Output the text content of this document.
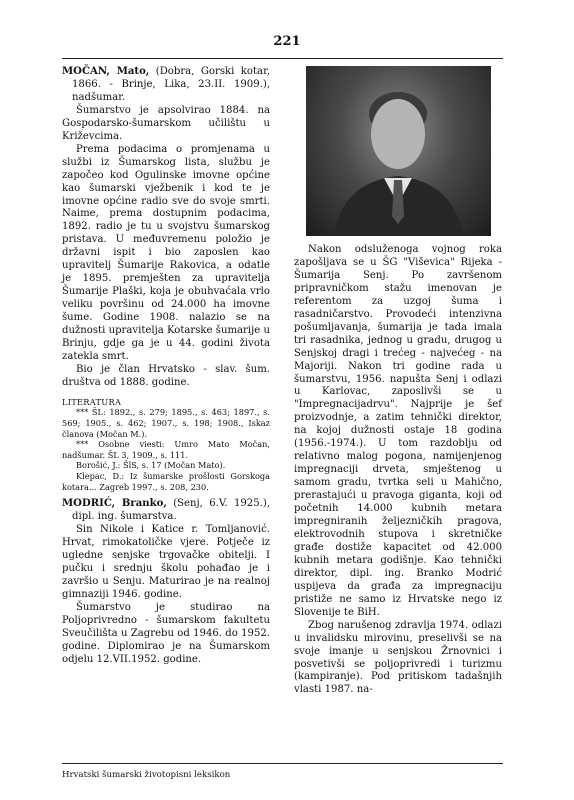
221

MOČAN, Mato, (Dobra, Gorski kotar, 1866. - Brinje, Lika, 23.II. 1909.), nadšumar.

Šumarstvo je apsolvirao 1884. na Gospodarsko-šumarskom učilištu u Križevcima.

Prema podacima o promjenama u službi iz Šumarskog lista, službu je započeo kod Ogulinske imovne općine kao šumarski vježbenik i kod te je imovne općine radio sve do svoje smrti. Naime, prema dostupnim podacima, 1892. radio je tu u svojstvu šumarskog pristava. U međuvremenu položio je državni ispit i bio zaposlen kao upravitelj Šumarije Rakovica, a odatle je 1895. premješten za upravitelja Šumarije Plaški, koja je obuhvaćala vrlo veliku površinu od 24.000 ha imovne šume. Godine 1908. nalazio se na dužnosti upravitelja Kotarske šumarije u Brinju, gdje ga je u 44. godini života zatekla smrt.

Bio je član Hrvatsko - slav. šum. društva od 1888. godine.

LITERATURA

*** ŠL: 1892., s. 279; 1895., s. 463; 1897., s. 569; 1905., s. 462; 1907., s. 198; 1908., Iskaz članova (Močan M.).

*** Osobne viesti: Umro Mato Močan, nadšumar. ŠL 3, 1909., s. 111.

Borošić, J.: ŠlS, s. 17 (Močan Mato).

Klepac, D.: Iz šumarske prošlosti Gorskoga kotara... Zagreb 1997., s. 208, 230.

MODRIĆ, Branko, (Senj, 6.V. 1925.), dipl. ing. šumarstva.

Sin Nikole i Katice r. Tomljanović. Hrvat, rimokatoličke vjere. Potječe iz ugledne senjske trgovačke obitelji. I pučku i srednju školu pohađao je i završio u Senju. Maturirao je na realnoj gimnaziji 1946. godine.

Šumarstvo je studirao na Poljoprivredno - šumarskom fakultetu Sveučilišta u Zagrebu od 1946. do 1952. godine. Diplomirao je na Šumarskom odjelu 12.VII.1952. godine.

Nakon odsluženoga vojnog roka zapošljava se u ŠG "Viševica" Rijeka - Šumarija Senj. Po završenom pripravničkom stažu imenovan je referentom za uzgoj šuma i rasadničarstvo. Provodeći intenzivna pošumljavanja, šumarija je tada imala tri rasadnika, jednog u gradu, drugog u Senjskoj dragi i trećeg - najvećeg - na Majoriji. Nakon tri godine rada u šumarstvu, 1956. napušta Senj i odlazi u Karlovac, zaposlivši se u "Impregnacijadrvu". Najprije je šef proizvodnje, a zatim tehnički direktor, na kojoj dužnosti ostaje 18 godina (1956.-1974.). U tom razdoblju od relativno malog pogona, namijenjenog impregnaciji drveta, smještenog u samom gradu, tvrtka seli u Mahično, prerastajući u pravoga giganta, koji od početnih 14.000 kubnih metara impregniranih željezničkih pragova, elektrovodnih stupova i skretničke građe dostiže kapacitet od 42.000 kubnih metara godišnje. Kao tehnički direktor, dipl. ing. Branko Modrić uspijeva da građa za impregnaciju pristiže ne samo iz Hrvatske nego iz Slovenije te BiH.

Zbog narušenog zdravlja 1974. odlazi u invalidsku mirovinu, preselivši se na svoje imanje u senjskou Žrnovnici i posvetivši se poljoprivredi i turizmu (kampiranje). Pod pritiskom tadašnjih vlasti 1987. na-

Hrvatski šumarski životopisni leksikon
